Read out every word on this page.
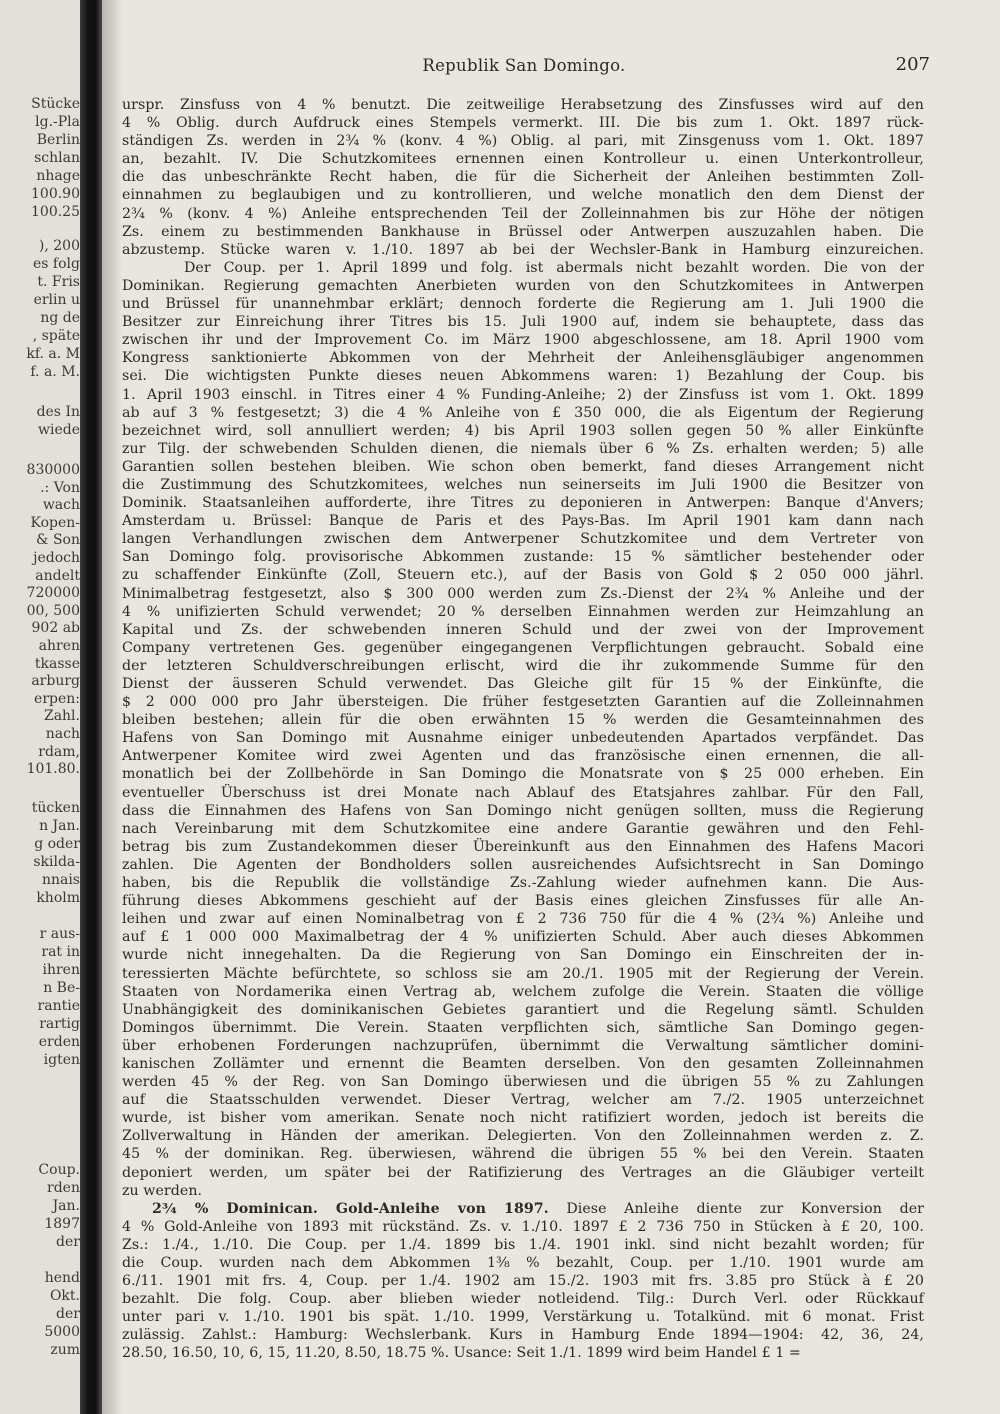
Stücke
lg.-Pla
Berlin
schlan
nhage
100.90
100.25
), 200
es folg
t. Fris
erlin u
ng de
, späte
kf. a. M
f. a. M.
des In
wiede
830000
.: Von
wach
Kopen-
& Son
jedoch
andelt
720000
00, 500
902 ab
ahren
tkasse
arburg
erpen:
Zahl.
nach
rdam,
101.80.
tücken
n Jan.
g oder
skilda-
nnais
kholm
r aus-
rat in
ihren
n Be-
rantie
rartig
erden
igten
Coup.
rden
Jan.
1897
der
hend
Okt.
der
5000
zum
Republik San Domingo.	207
urspr. Zinsfuss von 4 % benutzt. Die zeitweilige Herabsetzung des Zinsfusses wird auf den
4 % Oblig. durch Aufdruck eines Stempels vermerkt. III. Die bis zum 1. Okt. 1897 rück-
ständigen Zs. werden in 2¾ % (konv. 4 %) Oblig. al pari, mit Zinsgenuss vom 1. Okt. 1897
an, bezahlt. IV. Die Schutzkomitees ernennen einen Kontrolleur u. einen Unterkontrolleur,
die das unbeschränkte Recht haben, die für die Sicherheit der Anleihen bestimmten Zoll-
einnahmen zu beglaubigen und zu kontrollieren, und welche monatlich den dem Dienst der
2¾ % (konv. 4 %) Anleihe entsprechenden Teil der Zolleinnahmen bis zur Höhe der nötigen
Zs. einem zu bestimmenden Bankhause in Brüssel oder Antwerpen auszuzahlen haben. Die
abzustemp. Stücke waren v. 1./10. 1897 ab bei der Wechsler-Bank in Hamburg einzureichen.
Der Coup. per 1. April 1899 und folg. ist abermals nicht bezahlt worden. Die von der
Dominikan. Regierung gemachten Anerbieten wurden von den Schutzkomitees in Antwerpen
und Brüssel für unannehmbar erklärt; dennoch forderte die Regierung am 1. Juli 1900 die
Besitzer zur Einreichung ihrer Titres bis 15. Juli 1900 auf, indem sie behauptete, dass das
zwischen ihr und der Improvement Co. im März 1900 abgeschlossene, am 18. April 1900 vom
Kongress sanktionierte Abkommen von der Mehrheit der Anleihensgläubiger angenommen
sei. Die wichtigsten Punkte dieses neuen Abkommens waren: 1) Bezahlung der Coup. bis
1. April 1903 einschl. in Titres einer 4 % Funding-Anleihe; 2) der Zinsfuss ist vom 1. Okt. 1899
ab auf 3 % festgesetzt; 3) die 4 % Anleihe von £ 350 000, die als Eigentum der Regierung
bezeichnet wird, soll annulliert werden; 4) bis April 1903 sollen gegen 50 % aller Einkünfte
zur Tilg. der schwebenden Schulden dienen, die niemals über 6 % Zs. erhalten werden; 5) alle
Garantien sollen bestehen bleiben. Wie schon oben bemerkt, fand dieses Arrangement nicht
die Zustimmung des Schutzkomitees, welches nun seinerseits im Juli 1900 die Besitzer von
Dominik. Staatsanleihen aufforderte, ihre Titres zu deponieren in Antwerpen: Banque d'Anvers;
Amsterdam u. Brüssel: Banque de Paris et des Pays-Bas. Im April 1901 kam dann nach
langen Verhandlungen zwischen dem Antwerpener Schutzkomitee und dem Vertreter von
San Domingo folg. provisorische Abkommen zustande: 15 % sämtlicher bestehender oder
zu schaffender Einkünfte (Zoll, Steuern etc.), auf der Basis von Gold $ 2 050 000 jährl.
Minimalbetrag festgesetzt, also $ 300 000 werden zum Zs.-Dienst der 2¾ % Anleihe und der
4 % unifizierten Schuld verwendet; 20 % derselben Einnahmen werden zur Heimzahlung an
Kapital und Zs. der schwebenden inneren Schuld und der zwei von der Improvement
Company vertretenen Ges. gegenüber eingegangenen Verpflichtungen gebraucht. Sobald eine
der letzteren Schuldverschreibungen erlischt, wird die ihr zukommende Summe für den
Dienst der äusseren Schuld verwendet. Das Gleiche gilt für 15 % der Einkünfte, die
$ 2 000 000 pro Jahr übersteigen. Die früher festgesetzten Garantien auf die Zolleinnahmen
bleiben bestehen; allein für die oben erwähnten 15 % werden die Gesamteinnahmen des
Hafens von San Domingo mit Ausnahme einiger unbedeutenden Apartados verpfändet. Das
Antwerpener Komitee wird zwei Agenten und das französische einen ernennen, die all-
monatlich bei der Zollbehörde in San Domingo die Monatsrate von $ 25 000 erheben. Ein
eventueller Überschuss ist drei Monate nach Ablauf des Etatsjahres zahlbar. Für den Fall,
dass die Einnahmen des Hafens von San Domingo nicht genügen sollten, muss die Regierung
nach Vereinbarung mit dem Schutzkomitee eine andere Garantie gewähren und den Fehl-
betrag bis zum Zustandekommen dieser Übereinkunft aus den Einnahmen des Hafens Macori
zahlen. Die Agenten der Bondholders sollen ausreichendes Aufsichtsrecht in San Domingo
haben, bis die Republik die vollständige Zs.-Zahlung wieder aufnehmen kann. Die Aus-
führung dieses Abkommens geschieht auf der Basis eines gleichen Zinsfusses für alle An-
leihen und zwar auf einen Nominalbetrag von £ 2 736 750 für die 4 % (2¾ %) Anleihe und
auf £ 1 000 000 Maximalbetrag der 4 % unifizierten Schuld. Aber auch dieses Abkommen
wurde nicht innegehalten. Da die Regierung von San Domingo ein Einschreiten der in-
teressierten Mächte befürchtete, so schloss sie am 20./1. 1905 mit der Regierung der Verein.
Staaten von Nordamerika einen Vertrag ab, welchem zufolge die Verein. Staaten die völlige
Unabhängigkeit des dominikanischen Gebietes garantiert und die Regelung sämtl. Schulden
Domingos übernimmt. Die Verein. Staaten verpflichten sich, sämtliche San Domingo gegen-
über erhobenen Forderungen nachzuprüfen, übernimmt die Verwaltung sämtlicher domini-
kanischen Zollämter und ernennt die Beamten derselben. Von den gesamten Zolleinnahmen
werden 45 % der Reg. von San Domingo überwiesen und die übrigen 55 % zu Zahlungen
auf die Staatsschulden verwendet. Dieser Vertrag, welcher am 7./2. 1905 unterzeichnet
wurde, ist bisher vom amerikan. Senate noch nicht ratifiziert worden, jedoch ist bereits die
Zollverwaltung in Händen der amerikan. Delegierten. Von den Zolleinnahmen werden z. Z.
45 % der dominikan. Reg. überwiesen, während die übrigen 55 % bei den Verein. Staaten
deponiert werden, um später bei der Ratifizierung des Vertrages an die Gläubiger verteilt
zu werden.
2¾ % Dominican. Gold-Anleihe von 1897. Diese Anleihe diente zur Konversion der
4 % Gold-Anleihe von 1893 mit rückständ. Zs. v. 1./10. 1897 £ 2 736 750 in Stücken à £ 20, 100.
Zs.: 1./4., 1./10. Die Coup. per 1./4. 1899 bis 1./4. 1901 inkl. sind nicht bezahlt worden; für
die Coup. wurden nach dem Abkommen 1⅜ % bezahlt, Coup. per 1./10. 1901 wurde am
6./11. 1901 mit frs. 4, Coup. per 1./4. 1902 am 15./2. 1903 mit frs. 3.85 pro Stück à £ 20
bezahlt. Die folg. Coup. aber blieben wieder notleidend. Tilg.: Durch Verl. oder Rückkauf
unter pari v. 1./10. 1901 bis spät. 1./10. 1999, Verstärkung u. Totalkünd. mit 6 monat. Frist
zulässig. Zahlst.: Hamburg: Wechslerbank. Kurs in Hamburg Ende 1894—1904: 42, 36, 24,
28.50, 16.50, 10, 6, 15, 11.20, 8.50, 18.75 %. Usance: Seit 1./1. 1899 wird beim Handel £ 1 =
